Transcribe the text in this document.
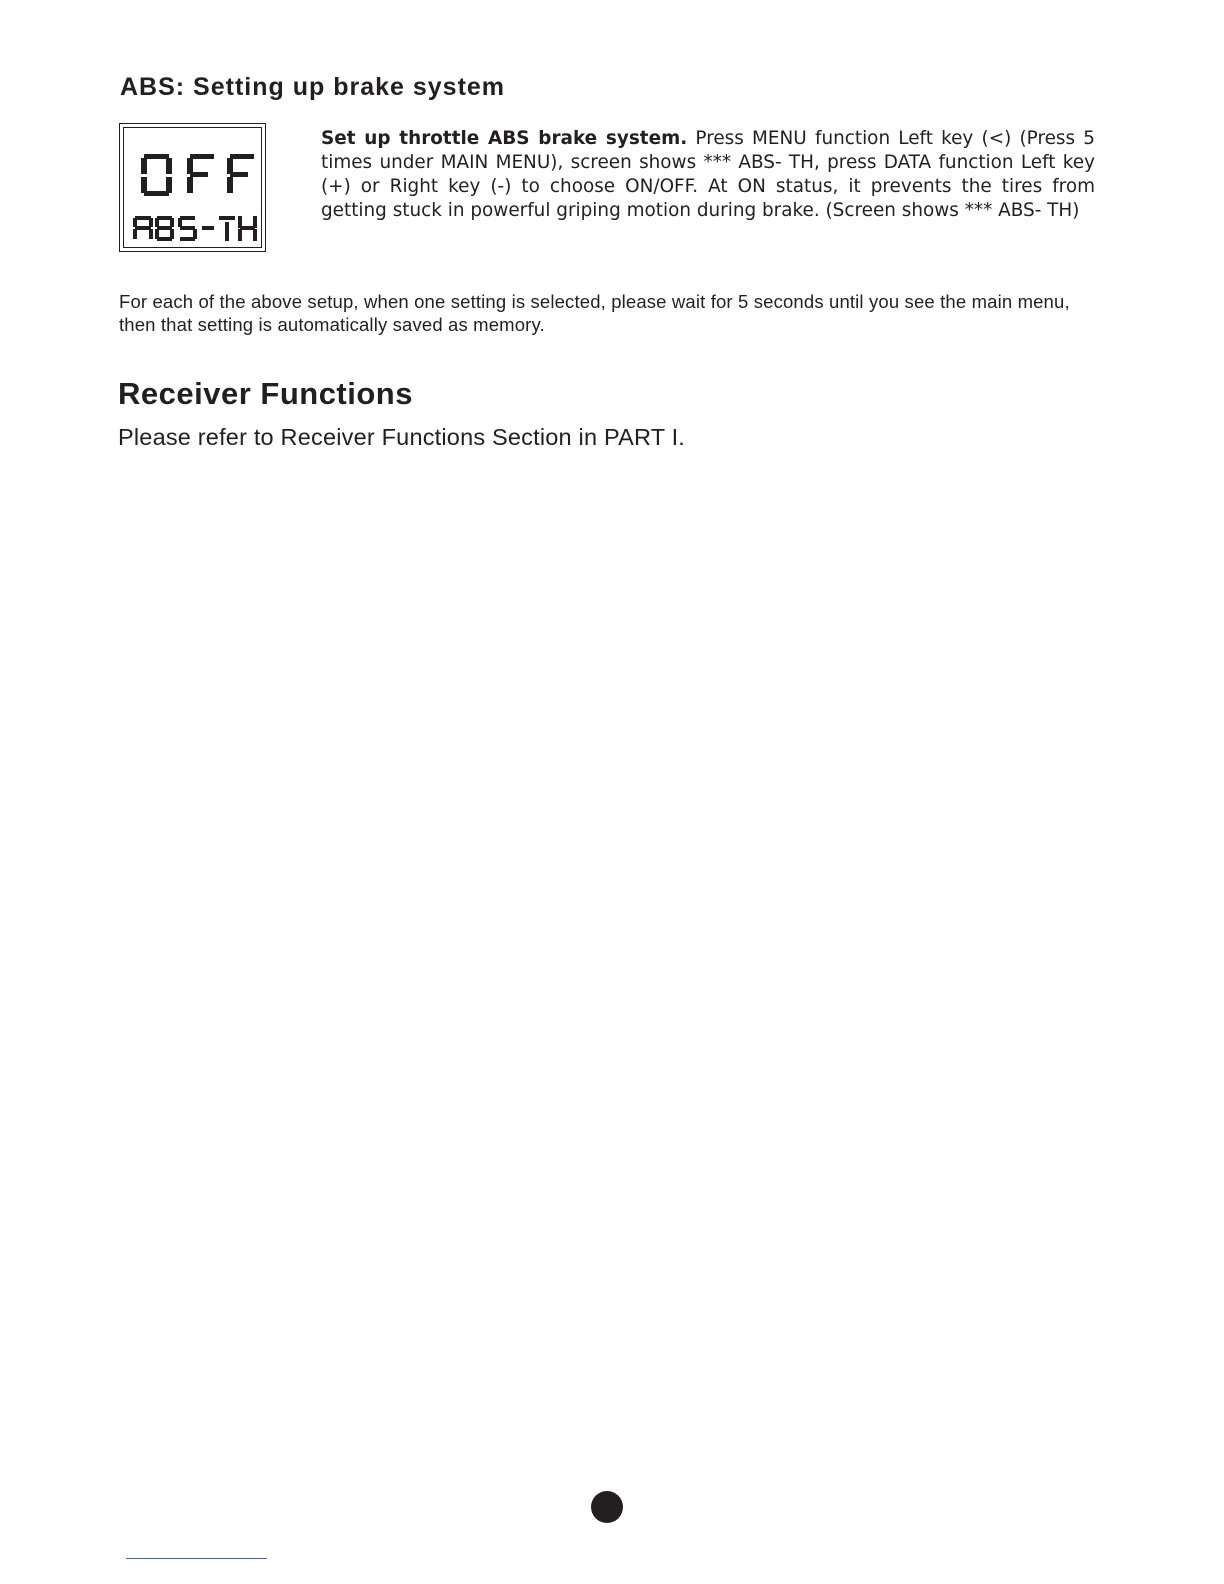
ABS: Setting up brake system

Set up throttle ABS brake system. Press MENU function Left key (<) (Press 5 times under MAIN MENU), screen shows *** ABS- TH, press DATA function Left key (+) or Right key (-) to choose ON/OFF. At ON status, it prevents the tires from getting stuck in powerful griping motion during brake. (Screen shows *** ABS- TH)

For each of the above setup, when one setting is selected, please wait for 5 seconds until you see the main menu, then that setting is automatically saved as memory.

Receiver Functions

Please refer to Receiver Functions Section in PART I.
